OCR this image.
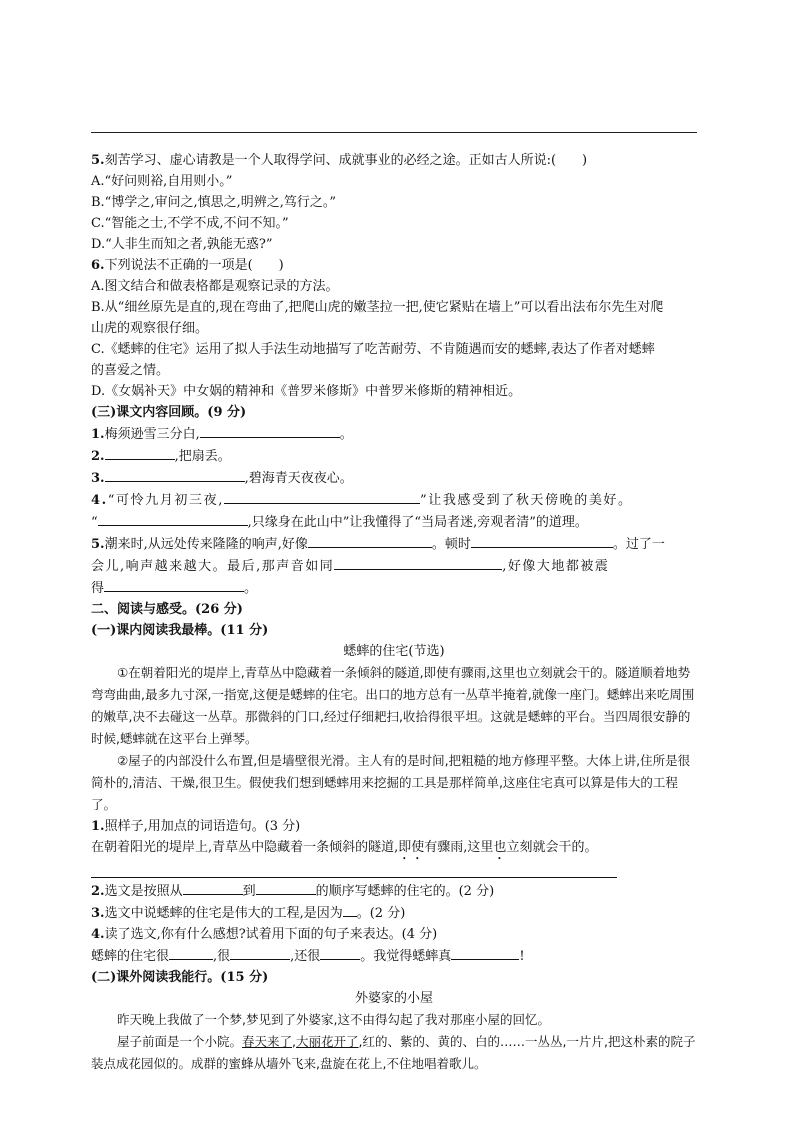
5.刻苦学习、虚心请教是一个人取得学问、成就事业的必经之途。正如古人所说:(　　)
A.“好问则裕,自用则小。”
B.“博学之,审问之,慎思之,明辨之,笃行之。”
C.“智能之士,不学不成,不问不知。”
D.“人非生而知之者,孰能无惑?”
6.下列说法不正确的一项是(　　)
A.图文结合和做表格都是观察记录的方法。
B.从“细丝原先是直的,现在弯曲了,把爬山虎的嫩茎拉一把,使它紧贴在墙上”可以看出法布尔先生对爬
山虎的观察很仔细。
C.《蟋蟀的住宅》运用了拟人手法生动地描写了吃苦耐劳、不肯随遇而安的蟋蟀,表达了作者对蟋蟀
的喜爱之情。
D.《女娲补天》中女娲的精神和《普罗米修斯》中普罗米修斯的精神相近。
(三)课文内容回顾。(9 分)
1.梅须逊雪三分白,	。
2.	,把扇丢。
3.	,碧海青天夜夜心。
4.“可怜九月初三夜,	”让我感受到了秋天傍晚的美好。
“	,只缘身在此山中”让我懂得了“当局者迷,旁观者清”的道理。
5.潮来时,从远处传来隆隆的响声,好像	。顿时	。过了一
会儿,响声越来越大。最后,那声音如同	,好像大地都被震
得	。
二、阅读与感受。(26 分)
(一)课内阅读我最棒。(11 分)
蟋蟀的住宅(节选)
①在朝着阳光的堤岸上,青草丛中隐藏着一条倾斜的隧道,即使有骤雨,这里也立刻就会干的。隧道顺着地势弯弯曲曲,最多九寸深,一指宽,这便是蟋蟀的住宅。出口的地方总有一丛草半掩着,就像一座门。蟋蟀出来吃周围的嫩草,决不去碰这一丛草。那微斜的门口,经过仔细耙扫,收拾得很平坦。这就是蟋蟀的平台。当四周很安静的时候,蟋蟀就在这平台上弹琴。
②屋子的内部没什么布置,但是墙壁很光滑。主人有的是时间,把粗糙的地方修理平整。大体上讲,住所是很简朴的,清洁、干燥,很卫生。假使我们想到蟋蟀用来挖掘的工具是那样简单,这座住宅真可以算是伟大的工程了。
1.照样子,用加点的词语造句。(3 分)
在朝着阳光的堤岸上,青草丛中隐藏着一条倾斜的隧道,即使有骤雨,这里也立刻就会干的。
2.选文是按照从	到	的顺序写蟋蟀的住宅的。(2 分)
3.选文中说蟋蟀的住宅是伟大的工程,是因为 。(2 分)
4.读了选文,你有什么感想?试着用下面的句子来表达。(4 分)
蟋蟀的住宅很	,很	,还很	。我觉得蟋蟀真	!
(二)课外阅读我能行。(15 分)
外婆家的小屋
昨天晚上我做了一个梦,梦见到了外婆家,这不由得勾起了我对那座小屋的回忆。
屋子前面是一个小院。春天来了,大丽花开了,红的、紫的、黄的、白的……一丛丛,一片片,把这朴素的院子装点成花园似的。成群的蜜蜂从墙外飞来,盘旋在花上,不住地唱着歌儿。
